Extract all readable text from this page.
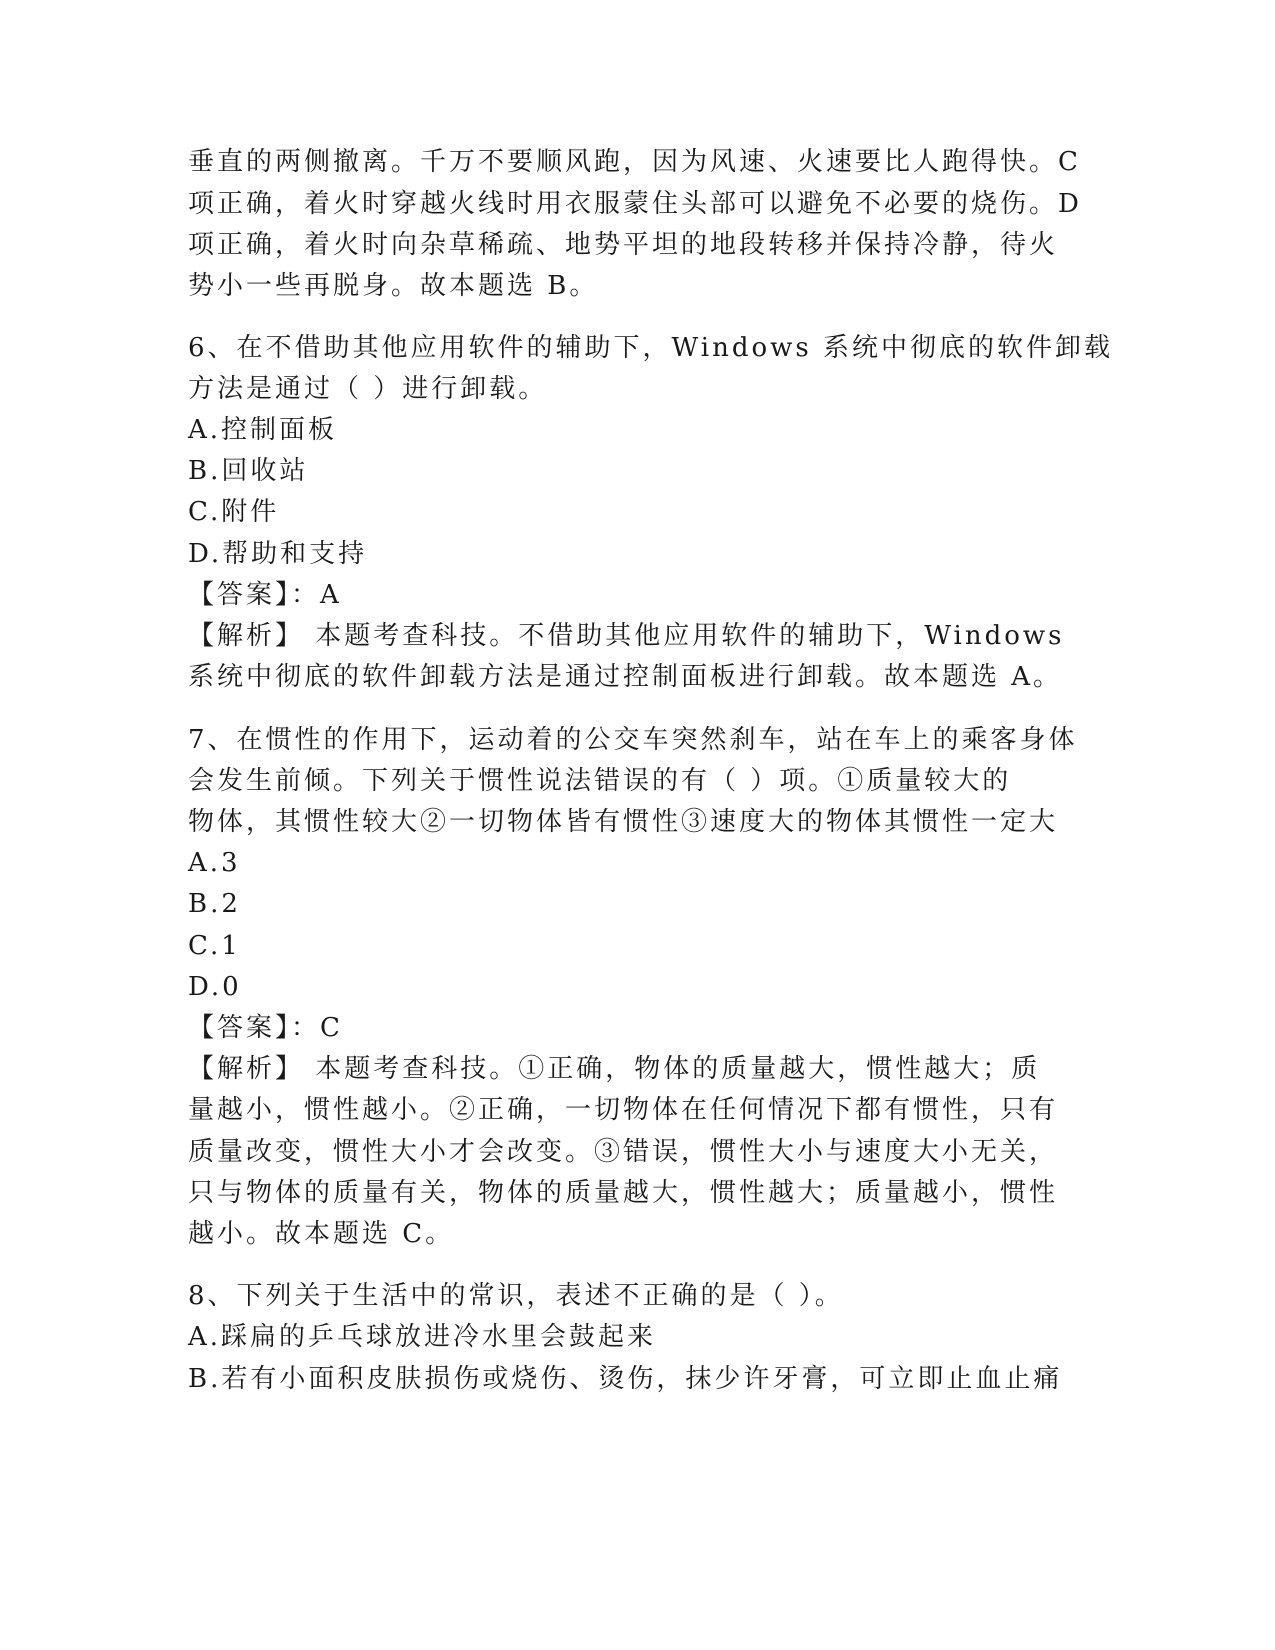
垂直的两侧撤离。千万不要顺风跑，因为风速、火速要比人跑得快。C
项正确，着火时穿越火线时用衣服蒙住头部可以避免不必要的烧伤。D
项正确，着火时向杂草稀疏、地势平坦的地段转移并保持冷静，待火
势小一些再脱身。故本题选 B。
6、在不借助其他应用软件的辅助下，Windows 系统中彻底的软件卸载
方法是通过（ ）进行卸载。
A.控制面板
B.回收站
C.附件
D.帮助和支持
【答案】：A
【解析】 本题考查科技。不借助其他应用软件的辅助下，Windows
系统中彻底的软件卸载方法是通过控制面板进行卸载。故本题选 A。
7、在惯性的作用下，运动着的公交车突然刹车，站在车上的乘客身体
会发生前倾。下列关于惯性说法错误的有（ ）项。①质量较大的
物体，其惯性较大②一切物体皆有惯性③速度大的物体其惯性一定大
A.3
B.2
C.1
D.0
【答案】：C
【解析】 本题考查科技。①正确，物体的质量越大，惯性越大；质
量越小，惯性越小。②正确，一切物体在任何情况下都有惯性，只有
质量改变，惯性大小才会改变。③错误，惯性大小与速度大小无关，
只与物体的质量有关，物体的质量越大，惯性越大；质量越小，惯性
越小。故本题选 C。
8、下列关于生活中的常识，表述不正确的是（ ）。
A.踩扁的乒乓球放进冷水里会鼓起来
B.若有小面积皮肤损伤或烧伤、烫伤，抹少许牙膏，可立即止血止痛
